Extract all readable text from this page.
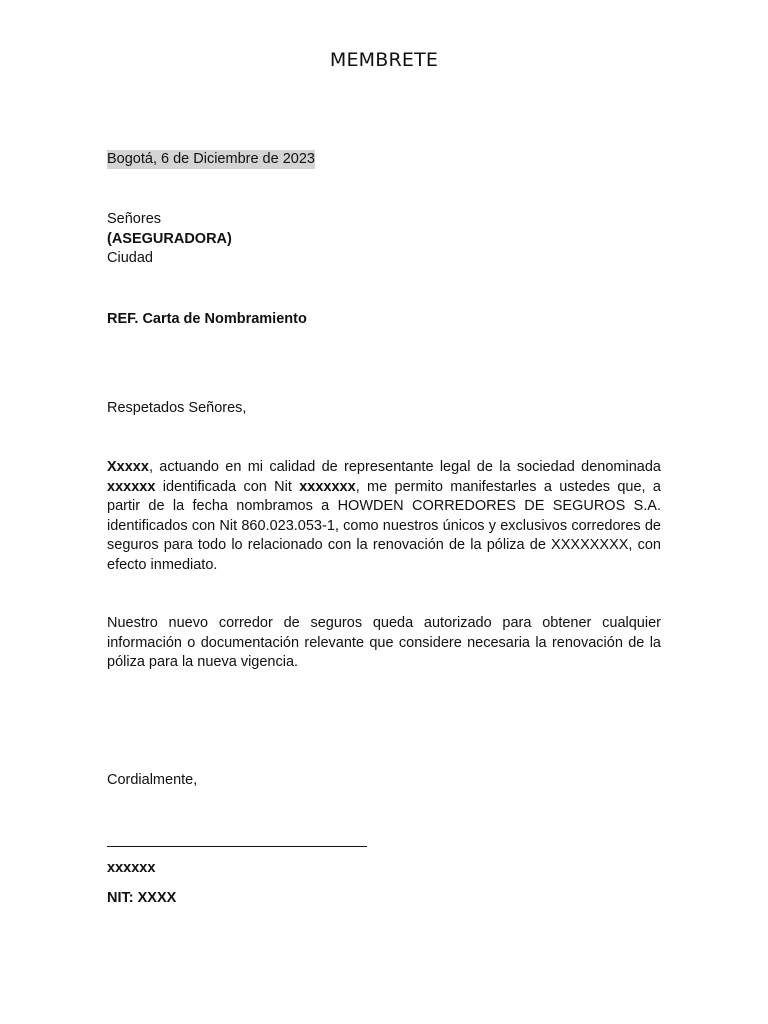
MEMBRETE
Bogotá, 6 de Diciembre de 2023
Señores
(ASEGURADORA)
Ciudad
REF. Carta de Nombramiento
Respetados Señores,
Xxxxx, actuando en mi calidad de representante legal de la sociedad denominada xxxxxx identificada con Nit xxxxxxx, me permito manifestarles a ustedes que, a partir de la fecha nombramos a HOWDEN CORREDORES DE SEGUROS S.A. identificados con Nit 860.023.053-1, como nuestros únicos y exclusivos corredores de seguros para todo lo relacionado con la renovación de la póliza de XXXXXXXX, con efecto inmediato.
Nuestro nuevo corredor de seguros queda autorizado para obtener cualquier información o documentación relevante que considere necesaria la renovación de la póliza para la nueva vigencia.
Cordialmente,
xxxxxx
NIT: XXXX
